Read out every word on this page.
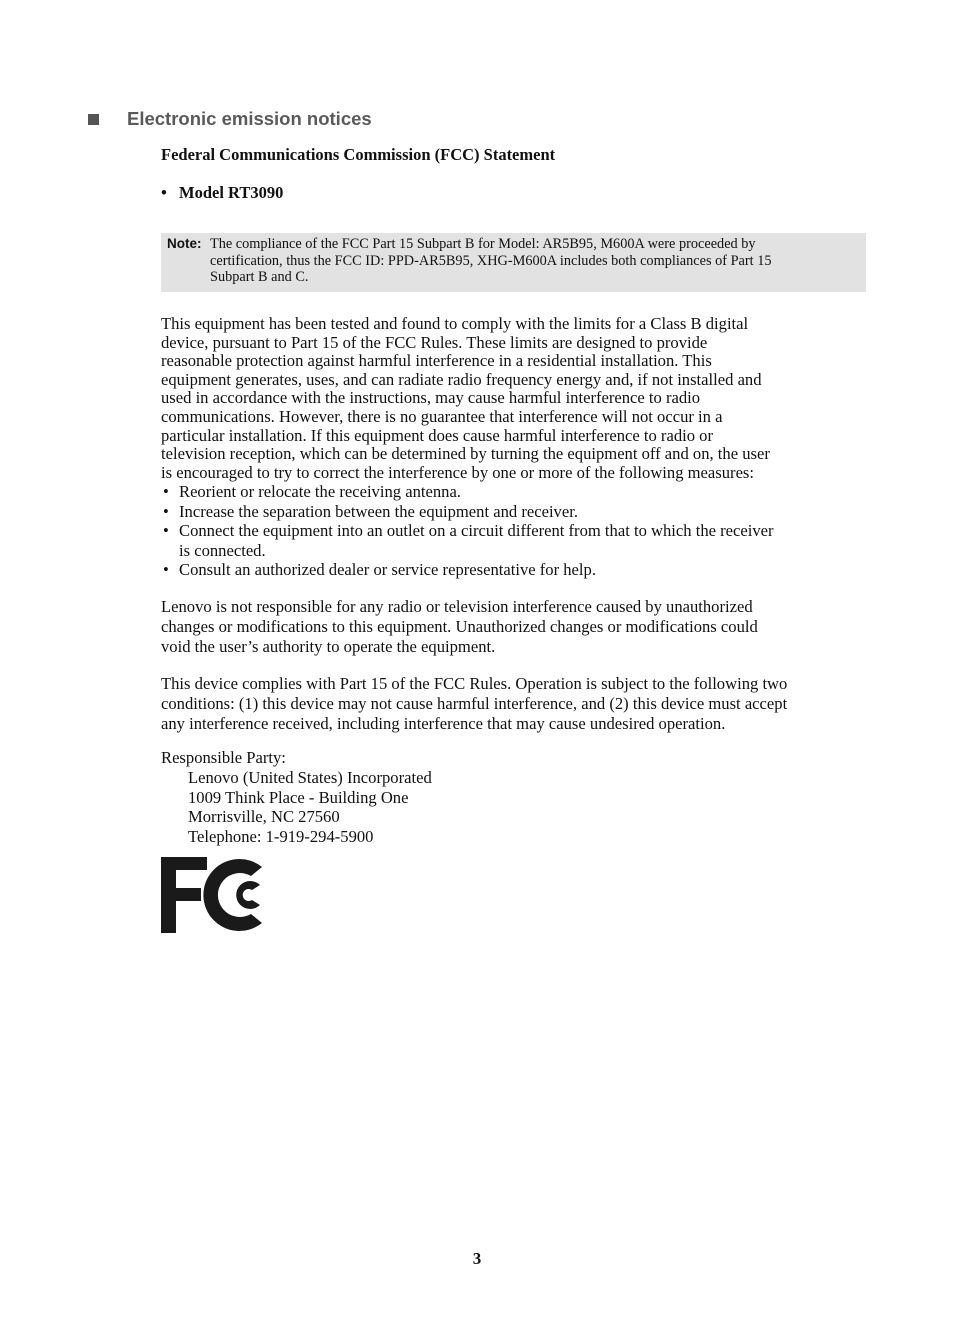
Electronic emission notices
Federal Communications Commission (FCC) Statement
• Model RT3090
Note: The compliance of the FCC Part 15 Subpart B for Model: AR5B95, M600A were proceeded by
certification, thus the FCC ID: PPD-AR5B95, XHG-M600A includes both compliances of Part 15
Subpart B and C.
This equipment has been tested and found to comply with the limits for a Class B digital
device, pursuant to Part 15 of the FCC Rules. These limits are designed to provide
reasonable protection against harmful interference in a residential installation. This
equipment generates, uses, and can radiate radio frequency energy and, if not installed and
used in accordance with the instructions, may cause harmful interference to radio
communications. However, there is no guarantee that interference will not occur in a
particular installation. If this equipment does cause harmful interference to radio or
television reception, which can be determined by turning the equipment off and on, the user
is encouraged to try to correct the interference by one or more of the following measures:
• Reorient or relocate the receiving antenna.
• Increase the separation between the equipment and receiver.
• Connect the equipment into an outlet on a circuit different from that to which the receiver
is connected.
• Consult an authorized dealer or service representative for help.
Lenovo is not responsible for any radio or television interference caused by unauthorized
changes or modifications to this equipment. Unauthorized changes or modifications could
void the user’s authority to operate the equipment.
This device complies with Part 15 of the FCC Rules. Operation is subject to the following two
conditions: (1) this device may not cause harmful interference, and (2) this device must accept
any interference received, including interference that may cause undesired operation.
Responsible Party:
Lenovo (United States) Incorporated
1009 Think Place - Building One
Morrisville, NC 27560
Telephone: 1-919-294-5900
3
